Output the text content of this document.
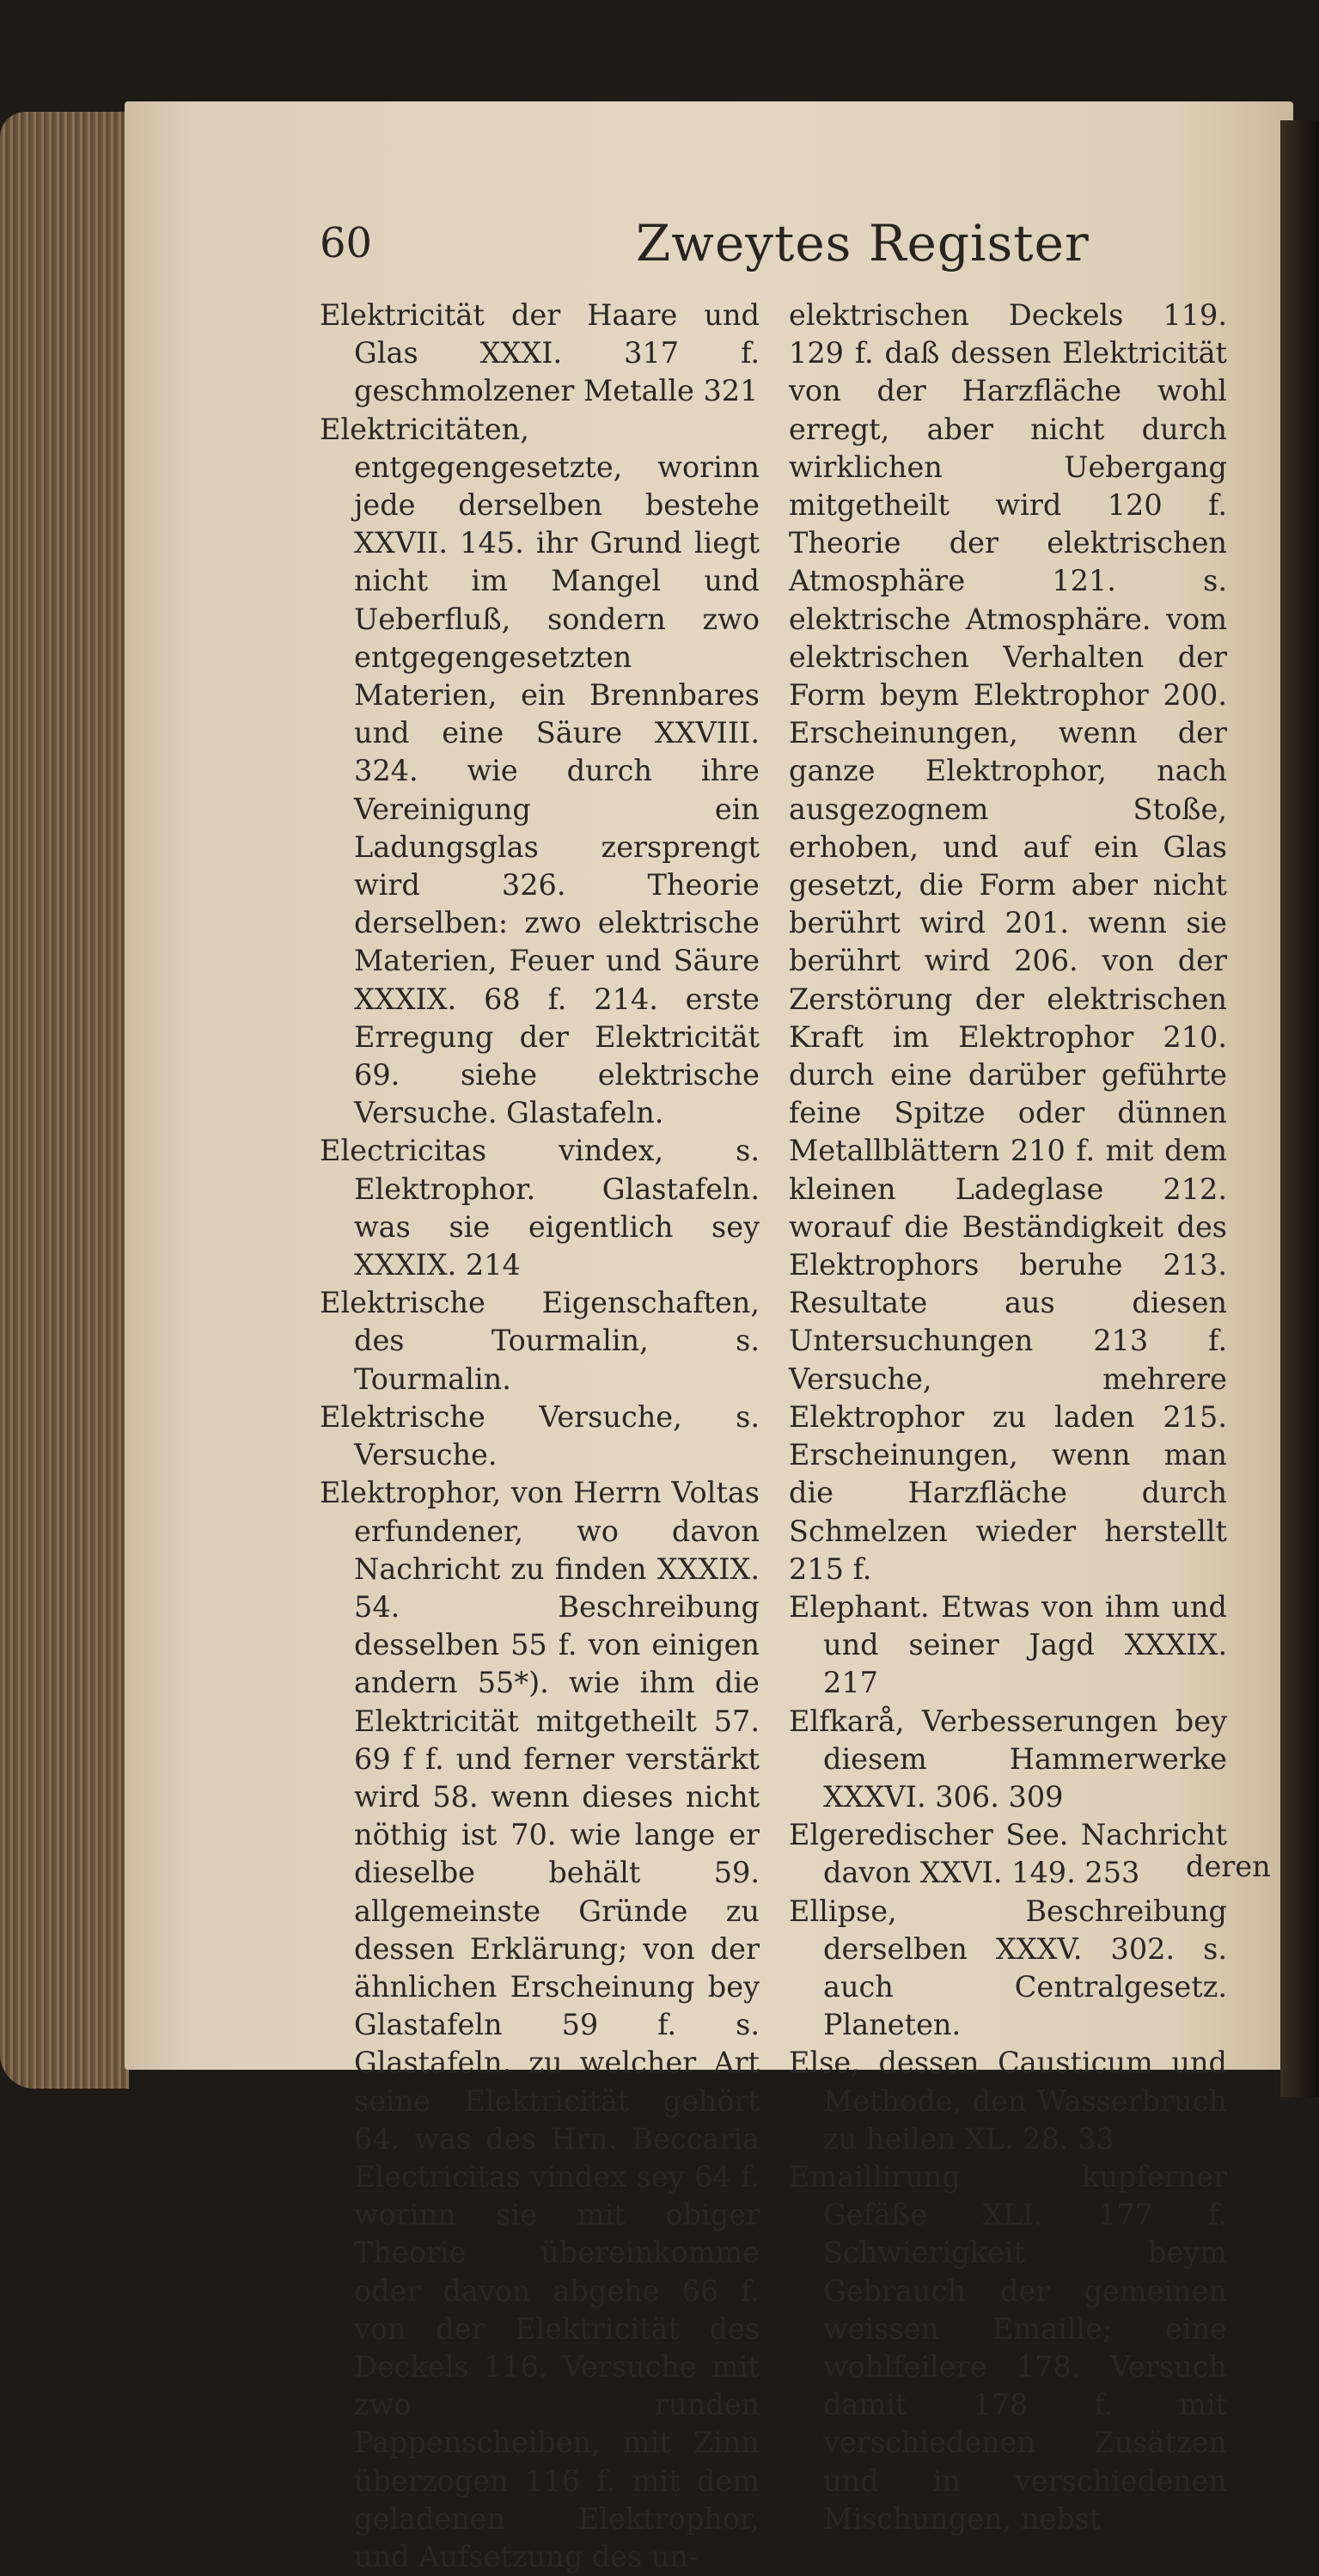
60	Zweytes Register

Elektricität der Haare und Glas XXXI. 317 f. geschmolzener Metalle 321

Elektricitäten, entgegengesetzte, worinn jede derselben bestehe XXVII. 145. ihr Grund liegt nicht im Mangel und Ueberfluß, sondern zwo entgegengesetzten Materien, ein Brennbares und eine Säure XXVIII. 324. wie durch ihre Vereinigung ein Ladungsglas zersprengt wird 326. Theorie derselben: zwo elektrische Materien, Feuer und Säure XXXIX. 68 f. 214. erste Erregung der Elektricität 69. siehe elektrische Versuche. Glastafeln.

Electricitas vindex, s. Elektrophor. Glastafeln. was sie eigentlich sey XXXIX. 214

Elektrische Eigenschaften, des Tourmalin, s. Tourmalin.

Elektrische Versuche, s. Versuche.

Elektrophor, von Herrn Voltas erfundener, wo davon Nachricht zu finden XXXIX. 54. Beschreibung desselben 55 f. von einigen andern 55*). wie ihm die Elektricität mitgetheilt 57. 69 f f. und ferner verstärkt wird 58. wenn dieses nicht nöthig ist 70. wie lange er dieselbe behält 59. allgemeinste Gründe zu dessen Erklärung; von der ähnlichen Erscheinung bey Glastafeln 59 f. s. Glastafeln. zu welcher Art seine Elektricität gehört 64. was des Hrn. Beccaria Electricitas vindex sey 64 f. worinn sie mit obiger Theorie übereinkomme oder davon abgehe 66 f. von der Elektricität des Deckels 116. Versuche mit zwo runden Pappenscheiben, mit Zinn überzogen 116 f. mit dem geladenen Elektrophor, und Aufsetzung des un-

elektrischen Deckels 119. 129 f. daß dessen Elektricität von der Harzfläche wohl erregt, aber nicht durch wirklichen Uebergang mitgetheilt wird 120 f. Theorie der elektrischen Atmosphäre 121. s. elektrische Atmosphäre. vom elektrischen Verhalten der Form beym Elektrophor 200. Erscheinungen, wenn der ganze Elektrophor, nach ausgezognem Stoße, erhoben, und auf ein Glas gesetzt, die Form aber nicht berührt wird 201. wenn sie berührt wird 206. von der Zerstörung der elektrischen Kraft im Elektrophor 210. durch eine darüber geführte feine Spitze oder dünnen Metallblättern 210 f. mit dem kleinen Ladeglase 212. worauf die Beständigkeit des Elektrophors beruhe 213. Resultate aus diesen Untersuchungen 213 f. Versuche, mehrere Elektrophor zu laden 215. Erscheinungen, wenn man die Harzfläche durch Schmelzen wieder herstellt 215 f.

Elephant. Etwas von ihm und und seiner Jagd XXXIX. 217

Elfkarå, Verbesserungen bey diesem Hammerwerke XXXVI. 306. 309

Elgeredischer See. Nachricht davon XXVI. 149. 253

Ellipse, Beschreibung derselben XXXV. 302. s. auch Centralgesetz. Planeten.

Else, dessen Causticum und Methode, den Wasserbruch zu heilen XL. 28. 33

Emaillirung kupferner Gefäße XLI. 177 f. Schwierigkeit beym Gebrauch der gemeinen weissen Emaille; eine wohlfeilere 178. Versuch damit 178 f. mit verschiedenen Zusätzen und in verschiedenen Mischungen, nebst

deren
